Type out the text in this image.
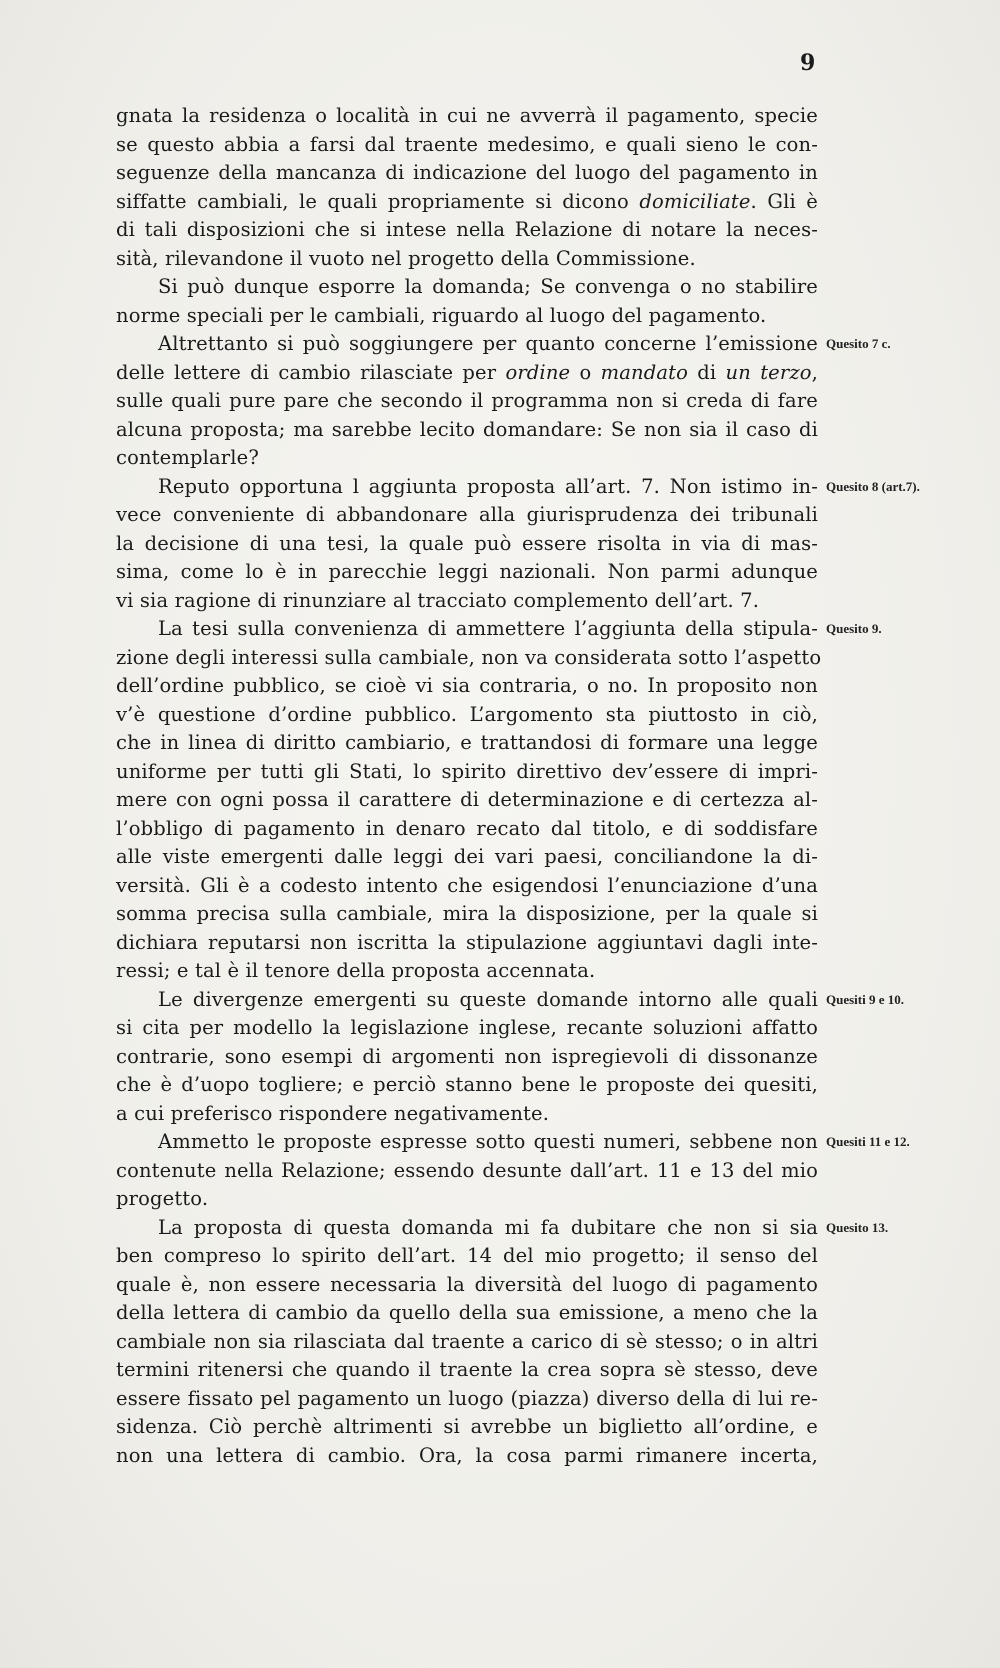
9
gnata la residenza o località in cui ne avverrà il pagamento, specie
se questo abbia a farsi dal traente medesimo, e quali sieno le con-
seguenze della mancanza di indicazione del luogo del pagamento in
siffatte cambiali, le quali propriamente si dicono domiciliate. Gli è
di tali disposizioni che si intese nella Relazione di notare la neces-
sità, rilevandone il vuoto nel progetto della Commissione.
Si può dunque esporre la domanda; Se convenga o no stabilire
norme speciali per le cambiali, riguardo al luogo del pagamento.
Altrettanto si può soggiungere per quanto concerne l’emissione
delle lettere di cambio rilasciate per ordine o mandato di un terzo,
sulle quali pure pare che secondo il programma non si creda di fare
alcuna proposta; ma sarebbe lecito domandare: Se non sia il caso di
contemplarle?
Reputo opportuna l aggiunta proposta all’art. 7. Non istimo in-
vece conveniente di abbandonare alla giurisprudenza dei tribunali
la decisione di una tesi, la quale può essere risolta in via di mas-
sima, come lo è in parecchie leggi nazionali. Non parmi adunque
vi sia ragione di rinunziare al tracciato complemento dell’art. 7.
La tesi sulla convenienza di ammettere l’aggiunta della stipula-
zione degli interessi sulla cambiale, non va considerata sotto l’aspetto
dell’ordine pubblico, se cioè vi sia contraria, o no. In proposito non
v’è questione d’ordine pubblico. L’argomento sta piuttosto in ciò,
che in linea di diritto cambiario, e trattandosi di formare una legge
uniforme per tutti gli Stati, lo spirito direttivo dev’essere di impri-
mere con ogni possa il carattere di determinazione e di certezza al-
l’obbligo di pagamento in denaro recato dal titolo, e di soddisfare
alle viste emergenti dalle leggi dei vari paesi, conciliandone la di-
versità. Gli è a codesto intento che esigendosi l’enunciazione d’una
somma precisa sulla cambiale, mira la disposizione, per la quale si
dichiara reputarsi non iscritta la stipulazione aggiuntavi dagli inte-
ressi; e tal è il tenore della proposta accennata.
Le divergenze emergenti su queste domande intorno alle quali
si cita per modello la legislazione inglese, recante soluzioni affatto
contrarie, sono esempi di argomenti non ispregievoli di dissonanze
che è d’uopo togliere; e perciò stanno bene le proposte dei quesiti,
a cui preferisco rispondere negativamente.
Ammetto le proposte espresse sotto questi numeri, sebbene non
contenute nella Relazione; essendo desunte dall’art. 11 e 13 del mio
progetto.
La proposta di questa domanda mi fa dubitare che non si sia
ben compreso lo spirito dell’art. 14 del mio progetto; il senso del
quale è, non essere necessaria la diversità del luogo di pagamento
della lettera di cambio da quello della sua emissione, a meno che la
cambiale non sia rilasciata dal traente a carico di sè stesso; o in altri
termini ritenersi che quando il traente la crea sopra sè stesso, deve
essere fissato pel pagamento un luogo (piazza) diverso della di lui re-
sidenza. Ciò perchè altrimenti si avrebbe un biglietto all’ordine, e
non una lettera di cambio. Ora, la cosa parmi rimanere incerta,
Quesito 7 c.
Quesito 8 (art.7).
Quesito 9.
Quesiti 9 e 10.
Quesiti 11 e 12.
Quesito 13.
